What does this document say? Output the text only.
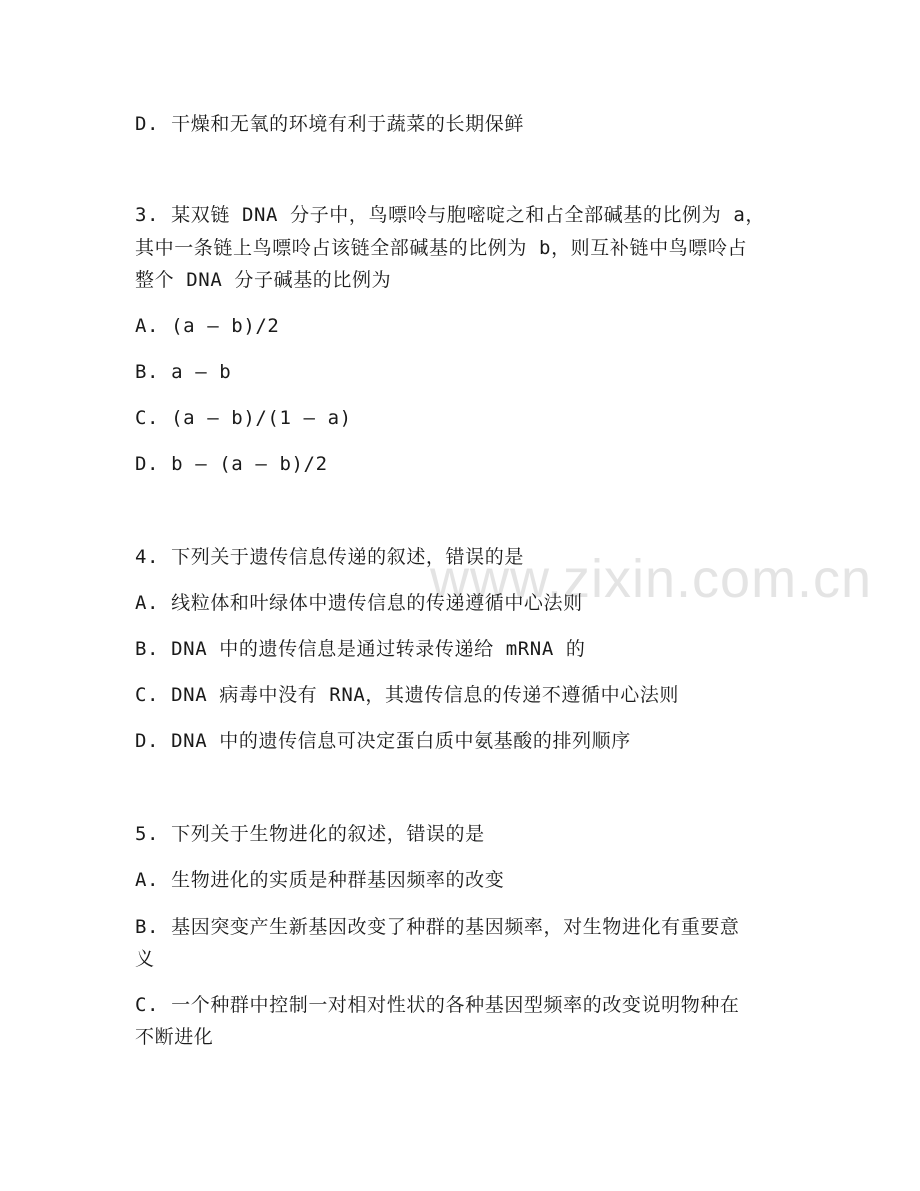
www.zixin.com.cn
D. 干燥和无氧的环境有利于蔬菜的长期保鲜
3. 某双链 DNA 分子中，鸟嘌呤与胞嘧啶之和占全部碱基的比例为 a，
其中一条链上鸟嘌呤占该链全部碱基的比例为 b，则互补链中鸟嘌呤占
整个 DNA 分子碱基的比例为
A. (a – b)/2
B. a – b
C. (a – b)/(1 – a)
D. b – (a – b)/2
4. 下列关于遗传信息传递的叙述，错误的是
A. 线粒体和叶绿体中遗传信息的传递遵循中心法则
B. DNA 中的遗传信息是通过转录传递给 mRNA 的
C. DNA 病毒中没有 RNA，其遗传信息的传递不遵循中心法则
D. DNA 中的遗传信息可决定蛋白质中氨基酸的排列顺序
5. 下列关于生物进化的叙述，错误的是
A. 生物进化的实质是种群基因频率的改变
B. 基因突变产生新基因改变了种群的基因频率，对生物进化有重要意
义
C. 一个种群中控制一对相对性状的各种基因型频率的改变说明物种在
不断进化
